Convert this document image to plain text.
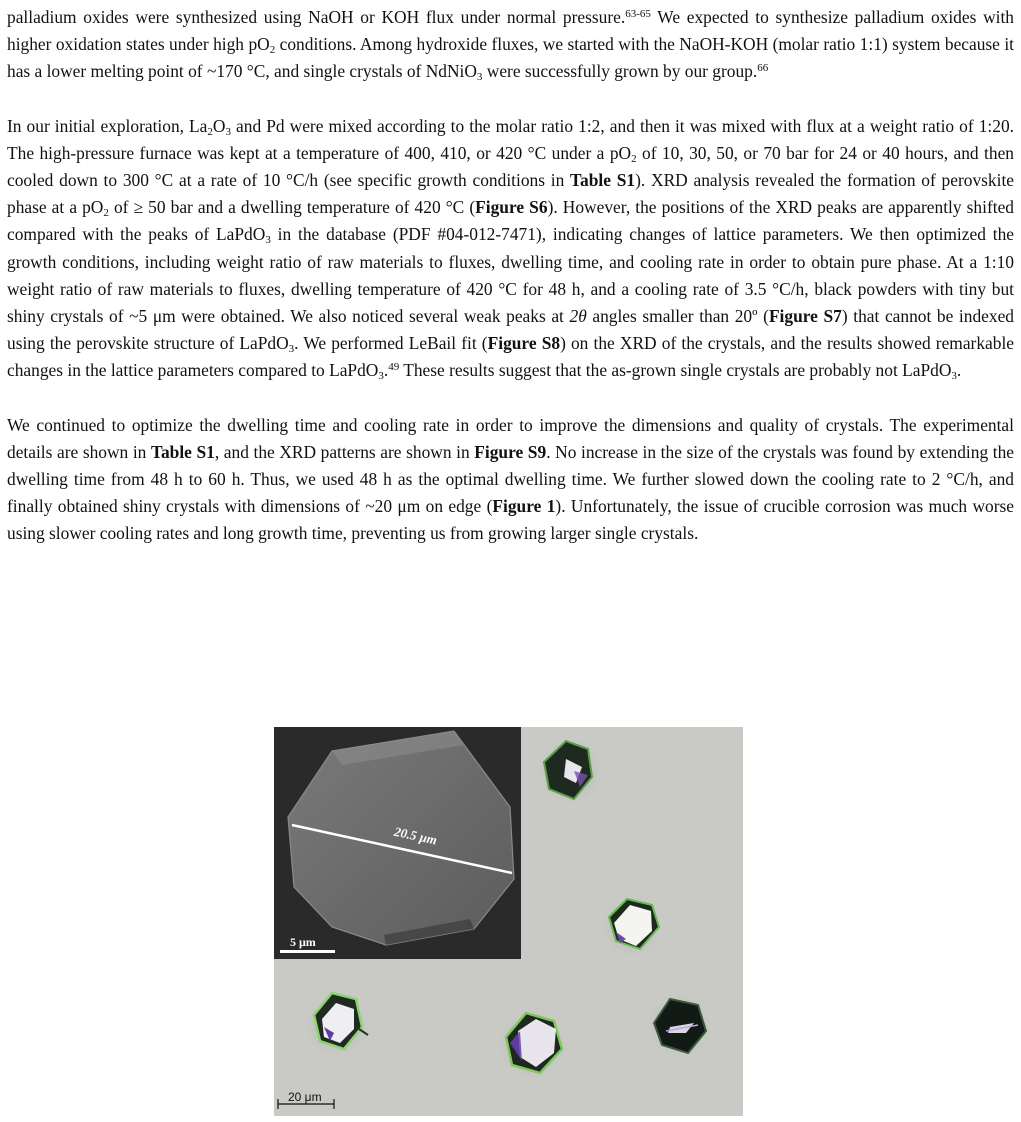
palladium oxides were synthesized using NaOH or KOH flux under normal pressure.$^{63-65}$ We expected to synthesize palladium oxides with higher oxidation states under high $pO_2$ conditions. Among hydroxide fluxes, we started with the NaOH-KOH (molar ratio 1:1) system because it has a lower melting point of ~170 °C, and single crystals of NdNiO$_3$ were successfully grown by our group.$^{66}$

In our initial exploration, $La_2O_3$ and Pd were mixed according to the molar ratio 1:2, and then it was mixed with flux at a weight ratio of 1:20. The high-pressure furnace was kept at a temperature of 400, 410, or 420 °C under a $pO_2$ of 10, 30, 50, or 70 bar for 24 or 40 hours, and then cooled down to 300 °C at a rate of 10 °C/h (see specific growth conditions in Table S1). XRD analysis revealed the formation of perovskite phase at a $pO_2$ of ≥ 50 bar and a dwelling temperature of 420 °C (Figure S6). However, the positions of the XRD peaks are apparently shifted compared with the peaks of LaPdO$_3$ in the database (PDF #04-012-7471), indicating changes of lattice parameters. We then optimized the growth conditions, including weight ratio of raw materials to fluxes, dwelling time, and cooling rate in order to obtain pure phase. At a 1:10 weight ratio of raw materials to fluxes, dwelling temperature of 420 °C for 48 h, and a cooling rate of 3.5 °C/h, black powders with tiny but shiny crystals of ~5 μm were obtained. We also noticed several weak peaks at 2θ angles smaller than 20º (Figure S7) that cannot be indexed using the perovskite structure of LaPdO$_3$. We performed LeBail fit (Figure S8) on the XRD of the crystals, and the results showed remarkable changes in the lattice parameters compared to LaPdO$_3$.$^{49}$ These results suggest that the as-grown single crystals are probably not LaPdO$_3$.

We continued to optimize the dwelling time and cooling rate in order to improve the dimensions and quality of crystals. The experimental details are shown in Table S1, and the XRD patterns are shown in Figure S9. No increase in the size of the crystals was found by extending the dwelling time from 48 h to 60 h. Thus, we used 48 h as the optimal dwelling time. We further slowed down the cooling rate to 2 °C/h, and finally obtained shiny crystals with dimensions of ~20 μm on edge (Figure 1). Unfortunately, the issue of crucible corrosion was much worse using slower cooling rates and long growth time, preventing us from growing larger single crystals.

20 μm
20.5 μm
5 μm
